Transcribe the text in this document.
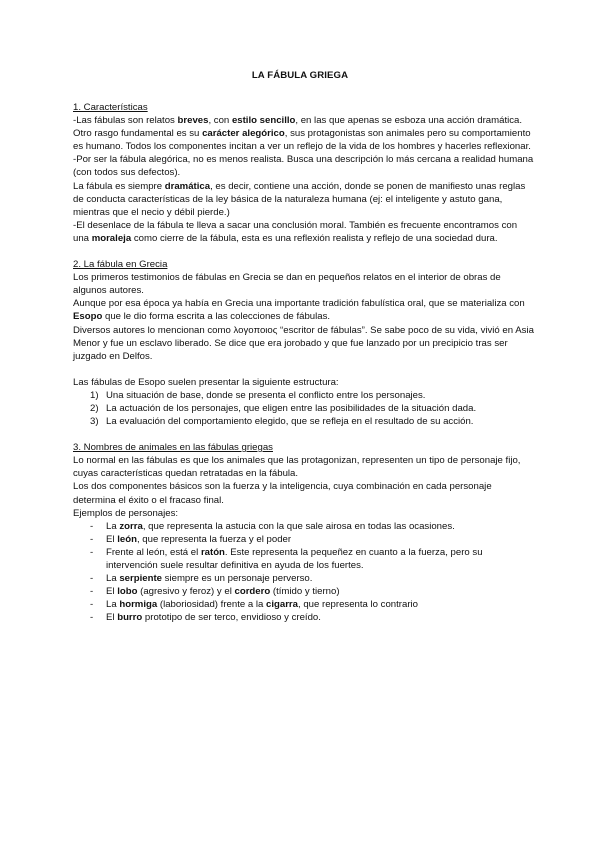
LA FÁBULA GRIEGA
1. Características

-Las fábulas son relatos breves, con estilo sencillo, en las que apenas se esboza una acción dramática. Otro rasgo fundamental es su carácter alegórico, sus protagonistas son animales pero su comportamiento es humano. Todos los componentes incitan a ver un reflejo de la vida de los hombres y hacerles reflexionar.

-Por ser la fábula alegórica, no es menos realista. Busca una descripción lo más cercana a realidad humana (con todos sus defectos).

La fábula es siempre dramática, es decir, contiene una acción, donde se ponen de manifiesto unas reglas de conducta características de la ley básica de la naturaleza humana (ej: el inteligente y astuto gana, mientras que el necio y débil pierde.)

-El desenlace de la fábula te lleva a sacar una conclusión moral. También es frecuente encontramos con una moraleja como cierre de la fábula, esta es una reflexión realista y reflejo de una sociedad dura.

2. La fábula en Grecia

Los primeros testimonios de fábulas en Grecia se dan en pequeños relatos en el interior de obras de algunos autores.

Aunque por esa época ya había en Grecia una importante tradición fabulística oral, que se materializa con Esopo que le dio forma escrita a las colecciones de fábulas.

Diversos autores lo mencionan como λογοποιος “escritor de fábulas”. Se sabe poco de su vida, vivió en Asia Menor y fue un esclavo liberado. Se dice que era jorobado y que fue lanzado por un precipicio tras ser juzgado en Delfos.

Las fábulas de Esopo suelen presentar la siguiente estructura:

1) Una situación de base, donde se presenta el conflicto entre los personajes.
2) La actuación de los personajes, que eligen entre las posibilidades de la situación dada.
3) La evaluación del comportamiento elegido, que se refleja en el resultado de su acción.
3. Nombres de animales en las fábulas griegas

Lo normal en las fábulas es que los animales que las protagonizan, representen un tipo de personaje fijo, cuyas características quedan retratadas en la fábula.

Los dos componentes básicos son la fuerza y la inteligencia, cuya combinación en cada personaje determina el éxito o el fracaso final.

Ejemplos de personajes:

- La zorra, que representa la astucia con la que sale airosa en todas las ocasiones.
- El león, que representa la fuerza y el poder
- Frente al león, está el ratón. Este representa la pequeñez en cuanto a la fuerza, pero su intervención suele resultar definitiva en ayuda de los fuertes.
- La serpiente siempre es un personaje perverso.
- El lobo (agresivo y feroz) y el cordero (tímido y tierno)
- La hormiga (laboriosidad) frente a la cigarra, que representa lo contrario
- El burro prototipo de ser terco, envidioso y creído.
